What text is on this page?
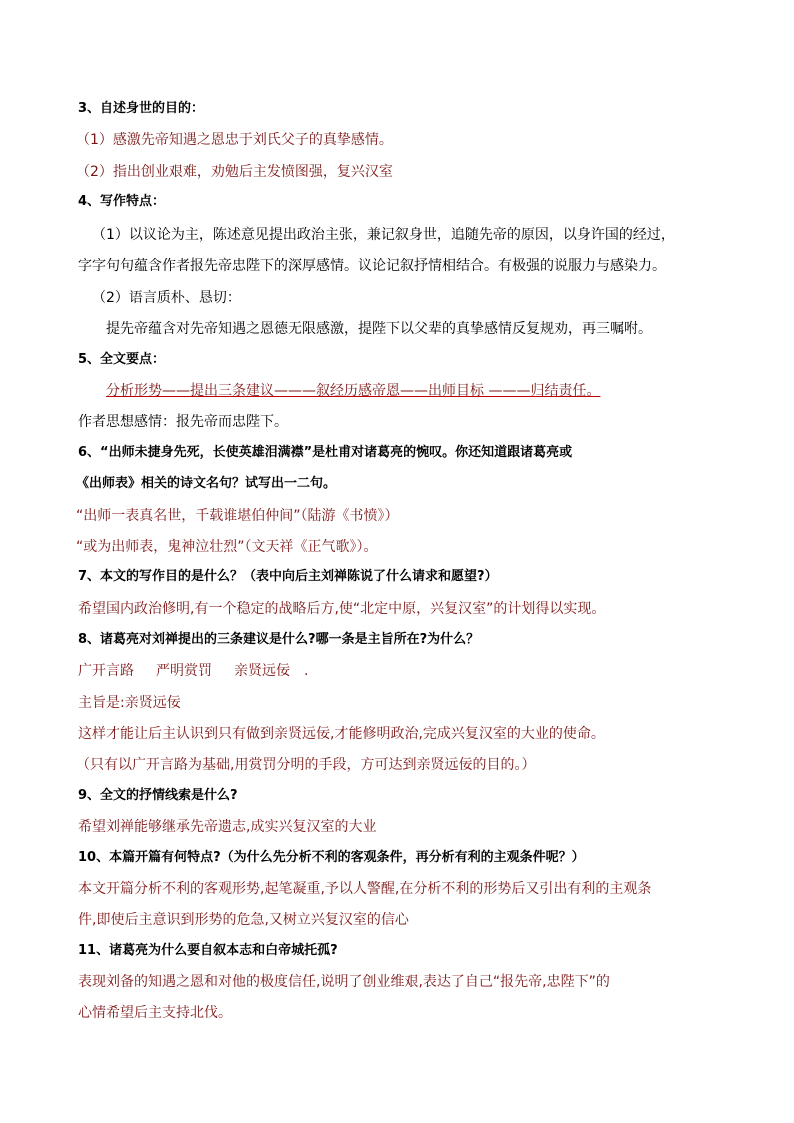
3、自述身世的目的：
（1）感激先帝知遇之恩忠于刘氏父子的真挚感情。
（2）指出创业艰难，劝勉后主发愤图强，复兴汉室
4、写作特点：
（1）以议论为主，陈述意见提出政治主张，兼记叙身世，追随先帝的原因，以身许国的经过，
字字句句蕴含作者报先帝忠陛下的深厚感情。议论记叙抒情相结合。有极强的说服力与感染力。
（2）语言质朴、恳切：
提先帝蕴含对先帝知遇之恩德无限感激，提陛下以父辈的真挚感情反复规劝，再三嘱咐。
5、全文要点：
分析形势——提出三条建议———叙经历感帝恩——出师目标 ———归结责任。
作者思想感情：报先帝而忠陛下。
6、“出师未捷身先死，长使英雄泪满襟”是杜甫对诸葛亮的惋叹。你还知道跟诸葛亮或
《出师表》相关的诗文名句？试写出一二句。
“出师一表真名世，千载谁堪伯仲间”（陆游《书愤》）
“或为出师表，鬼神泣壮烈”（文天祥《正气歌》）。
7、本文的写作目的是什么？（表中向后主刘禅陈说了什么请求和愿望?）
希望国内政治修明,有一个稳定的战略后方,使“北定中原，兴复汉室”的计划得以实现。
8、诸葛亮对刘禅提出的三条建议是什么?哪一条是主旨所在?为什么？
广开言路 严明赏罚 亲贤远佞 .
主旨是:亲贤远佞
这样才能让后主认识到只有做到亲贤远佞,才能修明政治,完成兴复汉室的大业的使命。
（只有以广开言路为基础,用赏罚分明的手段，方可达到亲贤远佞的目的。）
9、全文的抒情线索是什么?
希望刘禅能够继承先帝遗志,成实兴复汉室的大业
10、本篇开篇有何特点?（为什么先分析不利的客观条件，再分析有利的主观条件呢？）
本文开篇分析不利的客观形势,起笔凝重,予以人警醒,在分析不利的形势后又引出有利的主观条
件,即使后主意识到形势的危急,又树立兴复汉室的信心
11、诸葛亮为什么要自叙本志和白帝城托孤?
表现刘备的知遇之恩和对他的极度信任,说明了创业维艰,表达了自己“报先帝,忠陛下”的
心情希望后主支持北伐。
